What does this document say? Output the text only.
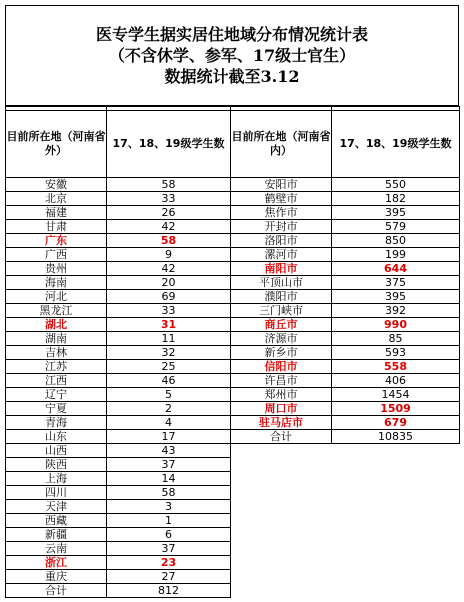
医专学生据实居住地域分布情况统计表
（不含休学、参军、17级士官生）
数据统计截至3.12

目前所在地（河南省外）	17、18、19级学生数	目前所在地（河南省内）	17、18、19级学生数
安徽	58	安阳市	550
北京	33	鹤壁市	182
福建	26	焦作市	395
甘肃	42	开封市	579
广东	58	洛阳市	850
广西	9	漯河市	199
贵州	42	南阳市	644
海南	20	平顶山市	375
河北	69	濮阳市	395
黑龙江	33	三门峡市	392
湖北	31	商丘市	990
湖南	11	济源市	85
吉林	32	新乡市	593
江苏	25	信阳市	558
江西	46	许昌市	406
辽宁	5	郑州市	1454
宁夏	2	周口市	1509
青海	4	驻马店市	679
山东	17	合计	10835
山西	43		
陕西	37		
上海	14		
四川	58		
天津	3		
西藏	1		
新疆	6		
云南	37		
浙江	23		
重庆	27		
合计	812		
